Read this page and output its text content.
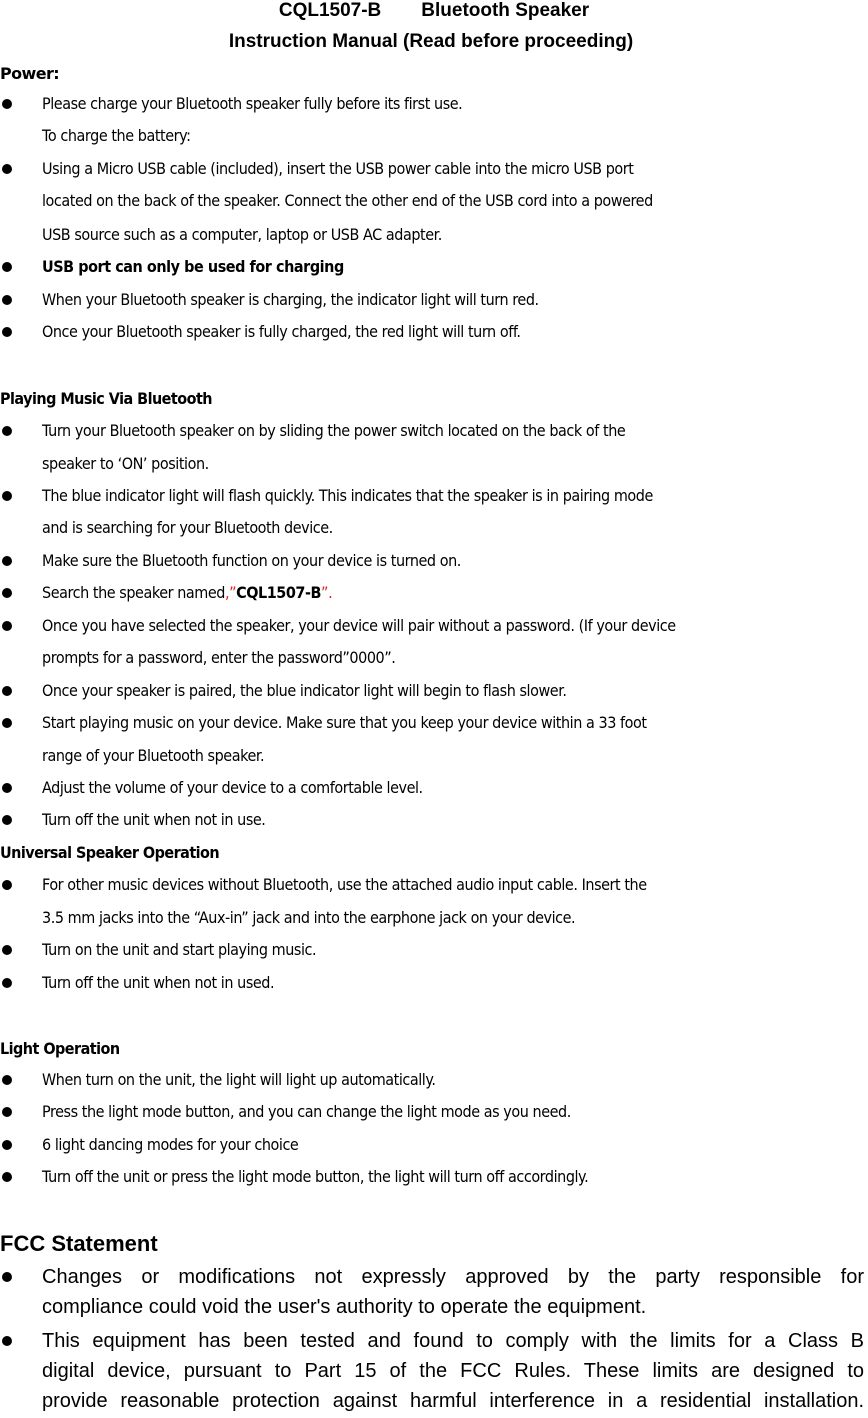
CQL1507-B Bluetooth Speaker
Instruction Manual (Read before proceeding)
Power:
Please charge your Bluetooth speaker fully before its first use.
To charge the battery:
Using a Micro USB cable (included), insert the USB power cable into the micro USB port
located on the back of the speaker. Connect the other end of the USB cord into a powered
USB source such as a computer, laptop or USB AC adapter.
USB port can only be used for charging
When your Bluetooth speaker is charging, the indicator light will turn red.
Once your Bluetooth speaker is fully charged, the red light will turn off.
Playing Music Via Bluetooth
Turn your Bluetooth speaker on by sliding the power switch located on the back of the
speaker to ‘ON’ position.
The blue indicator light will flash quickly. This indicates that the speaker is in pairing mode
and is searching for your Bluetooth device.
Make sure the Bluetooth function on your device is turned on.
Search the speaker named,”CQL1507-B”.
Once you have selected the speaker, your device will pair without a password. (If your device
prompts for a password, enter the password”0000”.
Once your speaker is paired, the blue indicator light will begin to flash slower.
Start playing music on your device. Make sure that you keep your device within a 33 foot
range of your Bluetooth speaker.
Adjust the volume of your device to a comfortable level.
Turn off the unit when not in use.
Universal Speaker Operation
For other music devices without Bluetooth, use the attached audio input cable. Insert the
3.5 mm jacks into the “Aux-in” jack and into the earphone jack on your device.
Turn on the unit and start playing music.
Turn off the unit when not in used.
Light Operation
When turn on the unit, the light will light up automatically.
Press the light mode button, and you can change the light mode as you need.
6 light dancing modes for your choice
Turn off the unit or press the light mode button, the light will turn off accordingly.
FCC Statement
Changes or modifications not expressly approved by the party responsible for
compliance could void the user's authority to operate the equipment.
This equipment has been tested and found to comply with the limits for a Class B
digital device, pursuant to Part 15 of the FCC Rules. These limits are designed to
provide reasonable protection against harmful interference in a residential installation.
